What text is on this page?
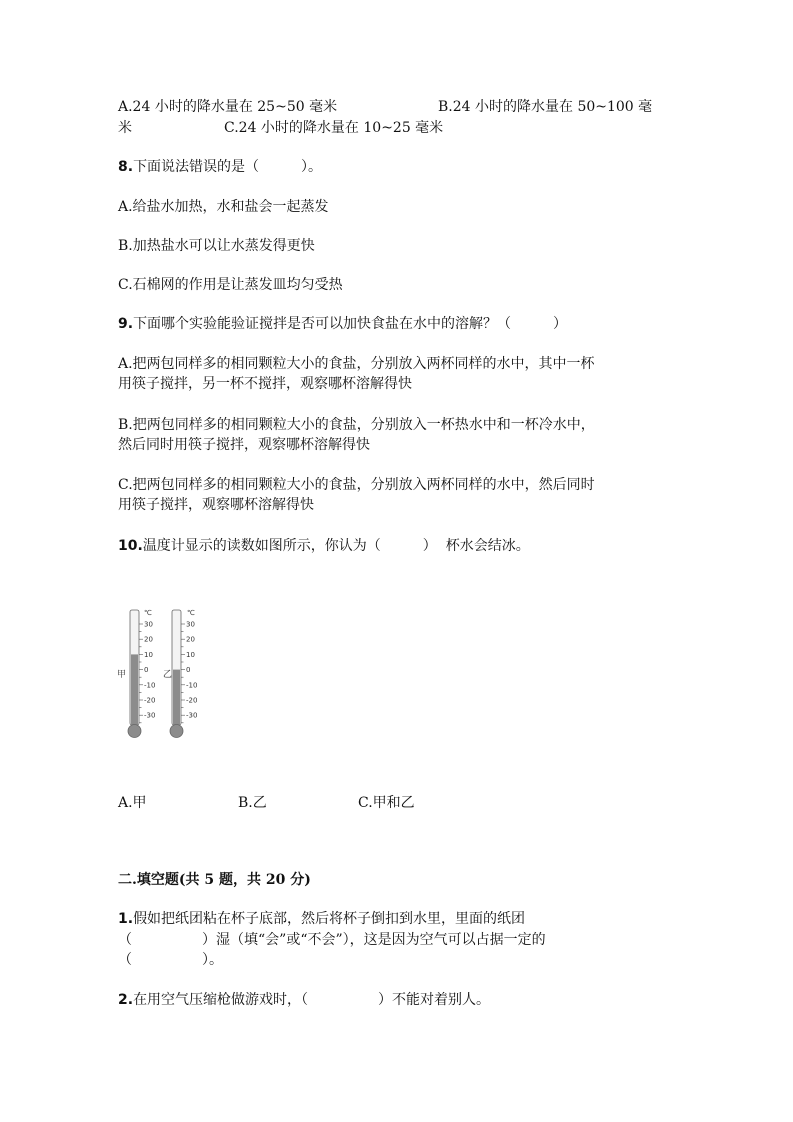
A.24 小时的降水量在 25~50 毫米	B.24 小时的降水量在 50~100 毫
米	C.24 小时的降水量在 10~25 毫米
8.下面说法错误的是（　　　）。
A.给盐水加热，水和盐会一起蒸发
B.加热盐水可以让水蒸发得更快
C.石棉网的作用是让蒸发皿均匀受热
9.下面哪个实验能验证搅拌是否可以加快食盐在水中的溶解？（　　　）
A.把两包同样多的相同颗粒大小的食盐，分别放入两杯同样的水中，其中一杯
用筷子搅拌，另一杯不搅拌，观察哪杯溶解得快
B.把两包同样多的相同颗粒大小的食盐，分别放入一杯热水中和一杯冷水中，
然后同时用筷子搅拌，观察哪杯溶解得快
C.把两包同样多的相同颗粒大小的食盐，分别放入两杯同样的水中，然后同时
用筷子搅拌，观察哪杯溶解得快
10.温度计显示的读数如图所示，你认为（　　　）  杯水会结冰。
甲
℃
30
20
10
0
-10
-20
-30
乙
℃
30
20
10
0
-10
-20
-30
A.甲	B.乙	C.甲和乙
二.填空题(共 5 题，共 20 分)
1.假如把纸团粘在杯子底部，然后将杯子倒扣到水里，里面的纸团
（　　　　　）湿（填“会”或“不会”），这是因为空气可以占据一定的
（　　　　　）。
2.在用空气压缩枪做游戏时，（　　　　　）不能对着别人。
